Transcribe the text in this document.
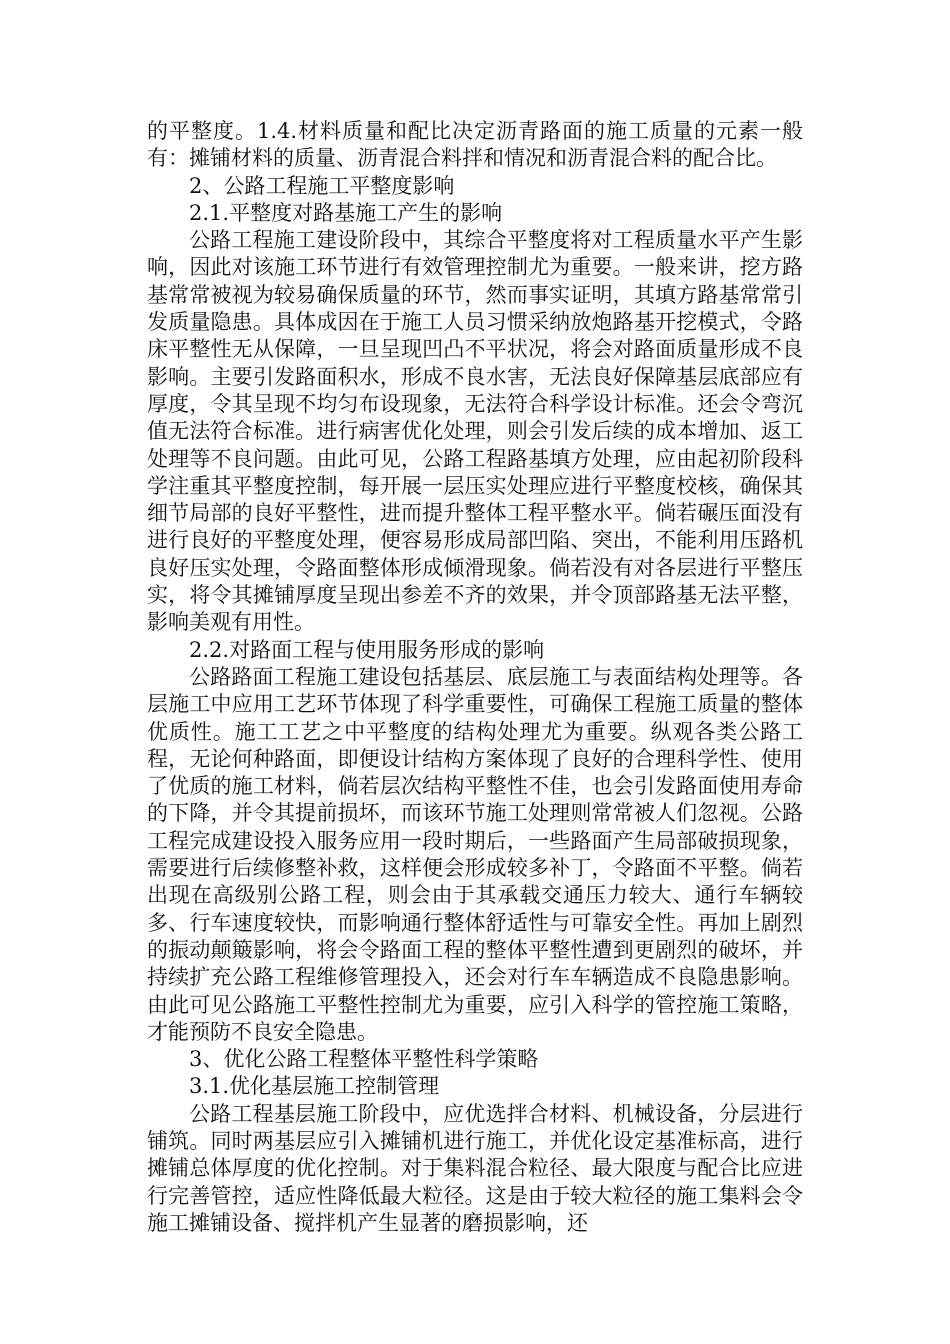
的平整度。1.4.材料质量和配比决定沥青路面的施工质量的元素一般有：摊铺材料的质量、沥青混合料拌和情况和沥青混合料的配合比。

2、公路工程施工平整度影响

2.1.平整度对路基施工产生的影响

公路工程施工建设阶段中，其综合平整度将对工程质量水平产生影响，因此对该施工环节进行有效管理控制尤为重要。一般来讲，挖方路基常常被视为较易确保质量的环节，然而事实证明，其填方路基常常引发质量隐患。具体成因在于施工人员习惯采纳放炮路基开挖模式，令路床平整性无从保障，一旦呈现凹凸不平状况，将会对路面质量形成不良影响。主要引发路面积水，形成不良水害，无法良好保障基层底部应有厚度，令其呈现不均匀布设现象，无法符合科学设计标准。还会令弯沉值无法符合标准。进行病害优化处理，则会引发后续的成本增加、返工处理等不良问题。由此可见，公路工程路基填方处理，应由起初阶段科学注重其平整度控制，每开展一层压实处理应进行平整度校核，确保其细节局部的良好平整性，进而提升整体工程平整水平。倘若碾压面没有进行良好的平整度处理，便容易形成局部凹陷、突出，不能利用压路机良好压实处理，令路面整体形成倾滑现象。倘若没有对各层进行平整压实，将令其摊铺厚度呈现出参差不齐的效果，并令顶部路基无法平整，影响美观有用性。

2.2.对路面工程与使用服务形成的影响

公路路面工程施工建设包括基层、底层施工与表面结构处理等。各层施工中应用工艺环节体现了科学重要性，可确保工程施工质量的整体优质性。施工工艺之中平整度的结构处理尤为重要。纵观各类公路工程，无论何种路面，即便设计结构方案体现了良好的合理科学性、使用了优质的施工材料，倘若层次结构平整性不佳，也会引发路面使用寿命的下降，并令其提前损坏，而该环节施工处理则常常被人们忽视。公路工程完成建设投入服务应用一段时期后，一些路面产生局部破损现象，需要进行后续修整补救，这样便会形成较多补丁，令路面不平整。倘若出现在高级别公路工程，则会由于其承载交通压力较大、通行车辆较多、行车速度较快，而影响通行整体舒适性与可靠安全性。再加上剧烈的振动颠簸影响，将会令路面工程的整体平整性遭到更剧烈的破坏，并持续扩充公路工程维修管理投入，还会对行车车辆造成不良隐患影响。由此可见公路施工平整性控制尤为重要，应引入科学的管控施工策略，才能预防不良安全隐患。

3、优化公路工程整体平整性科学策略

3.1.优化基层施工控制管理

公路工程基层施工阶段中，应优选拌合材料、机械设备，分层进行铺筑。同时两基层应引入摊铺机进行施工，并优化设定基准标高，进行摊铺总体厚度的优化控制。对于集料混合粒径、最大限度与配合比应进行完善管控，适应性降低最大粒径。这是由于较大粒径的施工集料会令施工摊铺设备、搅拌机产生显著的磨损影响，还
